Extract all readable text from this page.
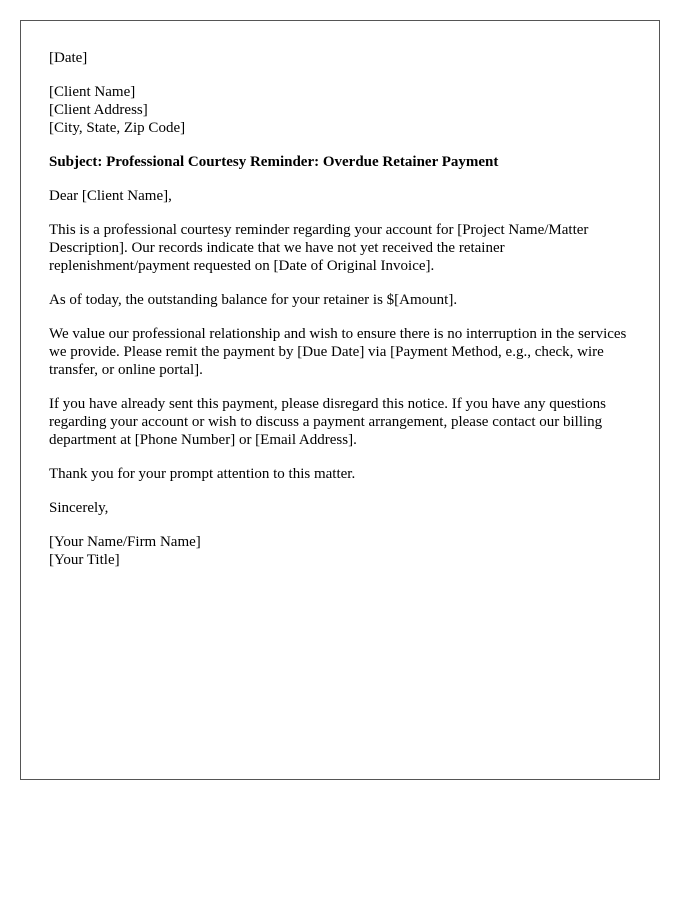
[Date]

[Client Name]
[Client Address]
[City, State, Zip Code]

Subject: Professional Courtesy Reminder: Overdue Retainer Payment

Dear [Client Name],

This is a professional courtesy reminder regarding your account for [Project Name/Matter Description]. Our records indicate that we have not yet received the retainer replenishment/payment requested on [Date of Original Invoice].

As of today, the outstanding balance for your retainer is $[Amount].

We value our professional relationship and wish to ensure there is no interruption in the services we provide. Please remit the payment by [Due Date] via [Payment Method, e.g., check, wire transfer, or online portal].

If you have already sent this payment, please disregard this notice. If you have any questions regarding your account or wish to discuss a payment arrangement, please contact our billing department at [Phone Number] or [Email Address].

Thank you for your prompt attention to this matter.

Sincerely,

[Your Name/Firm Name]
[Your Title]
